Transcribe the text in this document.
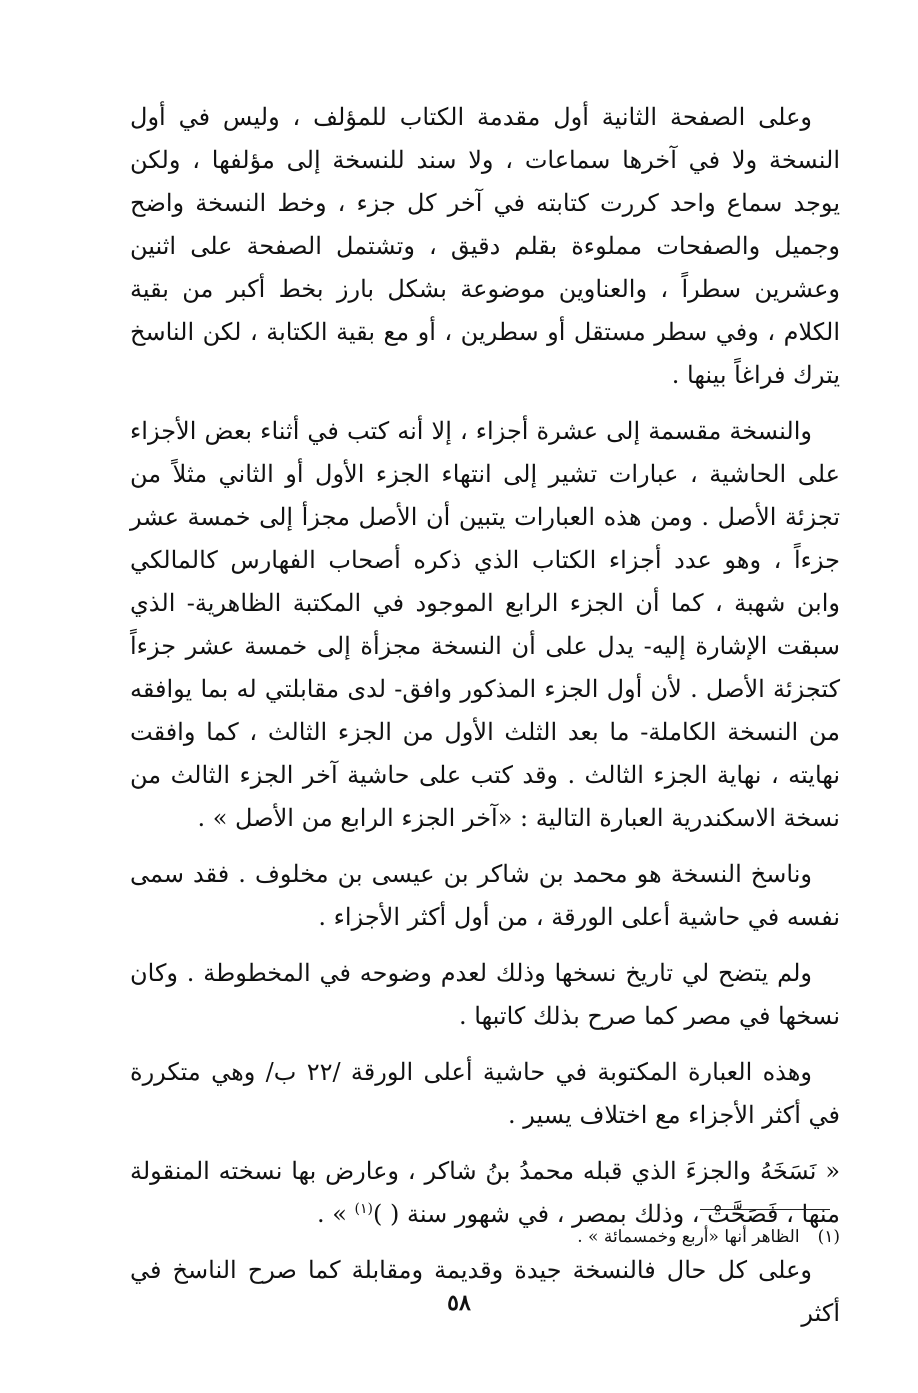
وعلى الصفحة الثانية أول مقدمة الكتاب للمؤلف ، وليس في أول النسخة ولا في آخرها سماعات ، ولا سند للنسخة إلى مؤلفها ، ولكن يوجد سماع واحد كررت كتابته في آخر كل جزء ، وخط النسخة واضح وجميل والصفحات مملوءة بقلم دقيق ، وتشتمل الصفحة على اثنين وعشرين سطراً ، والعناوين موضوعة بشكل بارز بخط أكبر من بقية الكلام ، وفي سطر مستقل أو سطرين ، أو مع بقية الكتابة ، لكن الناسخ يترك فراغاً بينها .

والنسخة مقسمة إلى عشرة أجزاء ، إلا أنه كتب في أثناء بعض الأجزاء على الحاشية ، عبارات تشير إلى انتهاء الجزء الأول أو الثاني مثلاً من تجزئة الأصل . ومن هذه العبارات يتبين أن الأصل مجزأ إلى خمسة عشر جزءاً ، وهو عدد أجزاء الكتاب الذي ذكره أصحاب الفهارس كالمالكي وابن شهبة ، كما أن الجزء الرابع الموجود في المكتبة الظاهرية- الذي سبقت الإشارة إليه- يدل على أن النسخة مجزأة إلى خمسة عشر جزءاً كتجزئة الأصل . لأن أول الجزء المذكور وافق- لدى مقابلتي له بما يوافقه من النسخة الكاملة- ما بعد الثلث الأول من الجزء الثالث ، كما وافقت نهايته ، نهاية الجزء الثالث . وقد كتب على حاشية آخر الجزء الثالث من نسخة الاسكندرية العبارة التالية : «آخر الجزء الرابع من الأصل » .

وناسخ النسخة هو محمد بن شاكر بن عيسى بن مخلوف . فقد سمى نفسه في حاشية أعلى الورقة ، من أول أكثر الأجزاء .

ولم يتضح لي تاريخ نسخها وذلك لعدم وضوحه في المخطوطة . وكان نسخها في مصر كما صرح بذلك كاتبها .

وهذه العبارة المكتوبة في حاشية أعلى الورقة /٢٢ ب/ وهي متكررة في أكثر الأجزاء مع اختلاف يسير .

« نَسَخَهُ والجزءَ الذي قبله محمدُ بنُ شاكر ، وعارض بها نسخته المنقولة منها ، فَصَحَّتْ ، وذلك بمصر ، في شهور سنة ( )$^{(١)}$ » .

وعلى كل حال فالنسخة جيدة وقديمة ومقابلة كما صرح الناسخ في أكثر

(١)الظاهر أنها «أربع وخمسمائة » .
٥٨
